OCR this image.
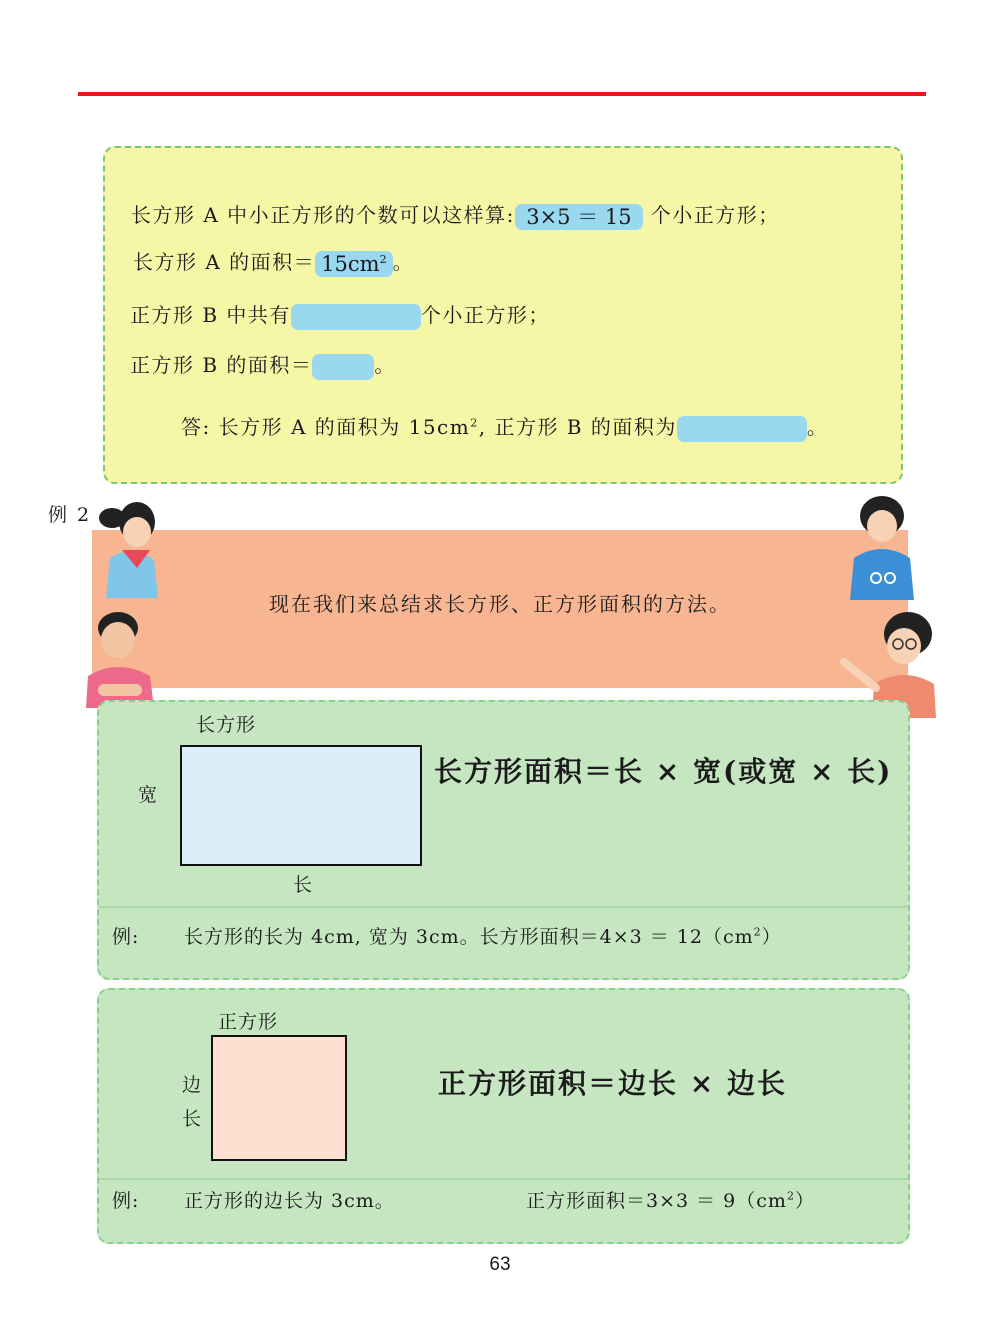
长方形 A 中小正方形的个数可以这样算: 3×5 ＝ 15 个小正方形；
长方形 A 的面积＝ $15cm^2$ 。
正方形 B 中共有	个小正方形；
正方形 B 的面积＝	。
答: 长方形 A 的面积为 $15cm^2$, 正方形 B 的面积为	。
例 2
现在我们来总结求长方形、正方形面积的方法。
长方形
宽
长
长方形面积＝长 × 宽(或宽 × 长)
例: 长方形的长为 4cm, 宽为 3cm。长方形面积$=4\times 3 = 12(cm^2)$
正方形
边
长
正方形面积＝边长 × 边长
例: 正方形的边长为 3cm。	正方形面积$=3\times 3 = 9(cm^2)$
63
